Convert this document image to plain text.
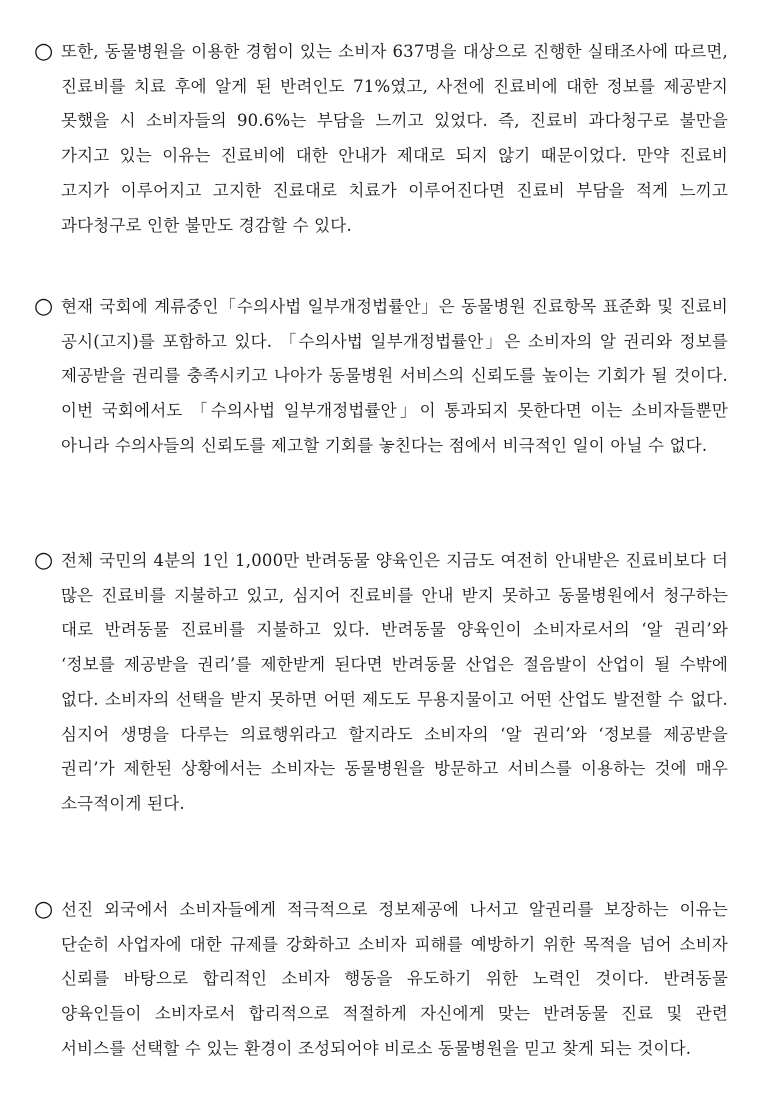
○ 또한, 동물병원을 이용한 경험이 있는 소비자 637명을 대상으로 진행한 실태조사에 따르면, 진료비를 치료 후에 알게 된 반려인도 71%였고, 사전에 진료비에 대한 정보를 제공받지 못했을 시 소비자들의 90.6%는 부담을 느끼고 있었다. 즉, 진료비 과다청구로 불만을 가지고 있는 이유는 진료비에 대한 안내가 제대로 되지 않기 때문이었다. 만약 진료비 고지가 이루어지고 고지한 진료대로 치료가 이루어진다면 진료비 부담을 적게 느끼고 과다청구로 인한 불만도 경감할 수 있다.

○ 현재 국회에 계류중인「수의사법 일부개정법률안」은 동물병원 진료항목 표준화 및 진료비 공시(고지)를 포함하고 있다. 「수의사법 일부개정법률안」은 소비자의 알 권리와 정보를 제공받을 권리를 충족시키고 나아가 동물병원 서비스의 신뢰도를 높이는 기회가 될 것이다. 이번 국회에서도 「수의사법 일부개정법률안」이 통과되지 못한다면 이는 소비자들뿐만 아니라 수의사들의 신뢰도를 제고할 기회를 놓친다는 점에서 비극적인 일이 아닐 수 없다.

○ 전체 국민의 4분의 1인 1,000만 반려동물 양육인은 지금도 여전히 안내받은 진료비보다 더 많은 진료비를 지불하고 있고, 심지어 진료비를 안내 받지 못하고 동물병원에서 청구하는 대로 반려동물 진료비를 지불하고 있다. 반려동물 양육인이 소비자로서의 ‘알 권리’와 ‘정보를 제공받을 권리’를 제한받게 된다면 반려동물 산업은 절음발이 산업이 될 수밖에 없다. 소비자의 선택을 받지 못하면 어떤 제도도 무용지물이고 어떤 산업도 발전할 수 없다. 심지어 생명을 다루는 의료행위라고 할지라도 소비자의 ‘알 권리’와 ‘정보를 제공받을 권리’가 제한된 상황에서는 소비자는 동물병원을 방문하고 서비스를 이용하는 것에 매우 소극적이게 된다.

○ 선진 외국에서 소비자들에게 적극적으로 정보제공에 나서고 알권리를 보장하는 이유는 단순히 사업자에 대한 규제를 강화하고 소비자 피해를 예방하기 위한 목적을 넘어 소비자 신뢰를 바탕으로 합리적인 소비자 행동을 유도하기 위한 노력인 것이다. 반려동물 양육인들이 소비자로서 합리적으로 적절하게 자신에게 맞는 반려동물 진료 및 관련 서비스를 선택할 수 있는 환경이 조성되어야 비로소 동물병원을 믿고 찾게 되는 것이다.
